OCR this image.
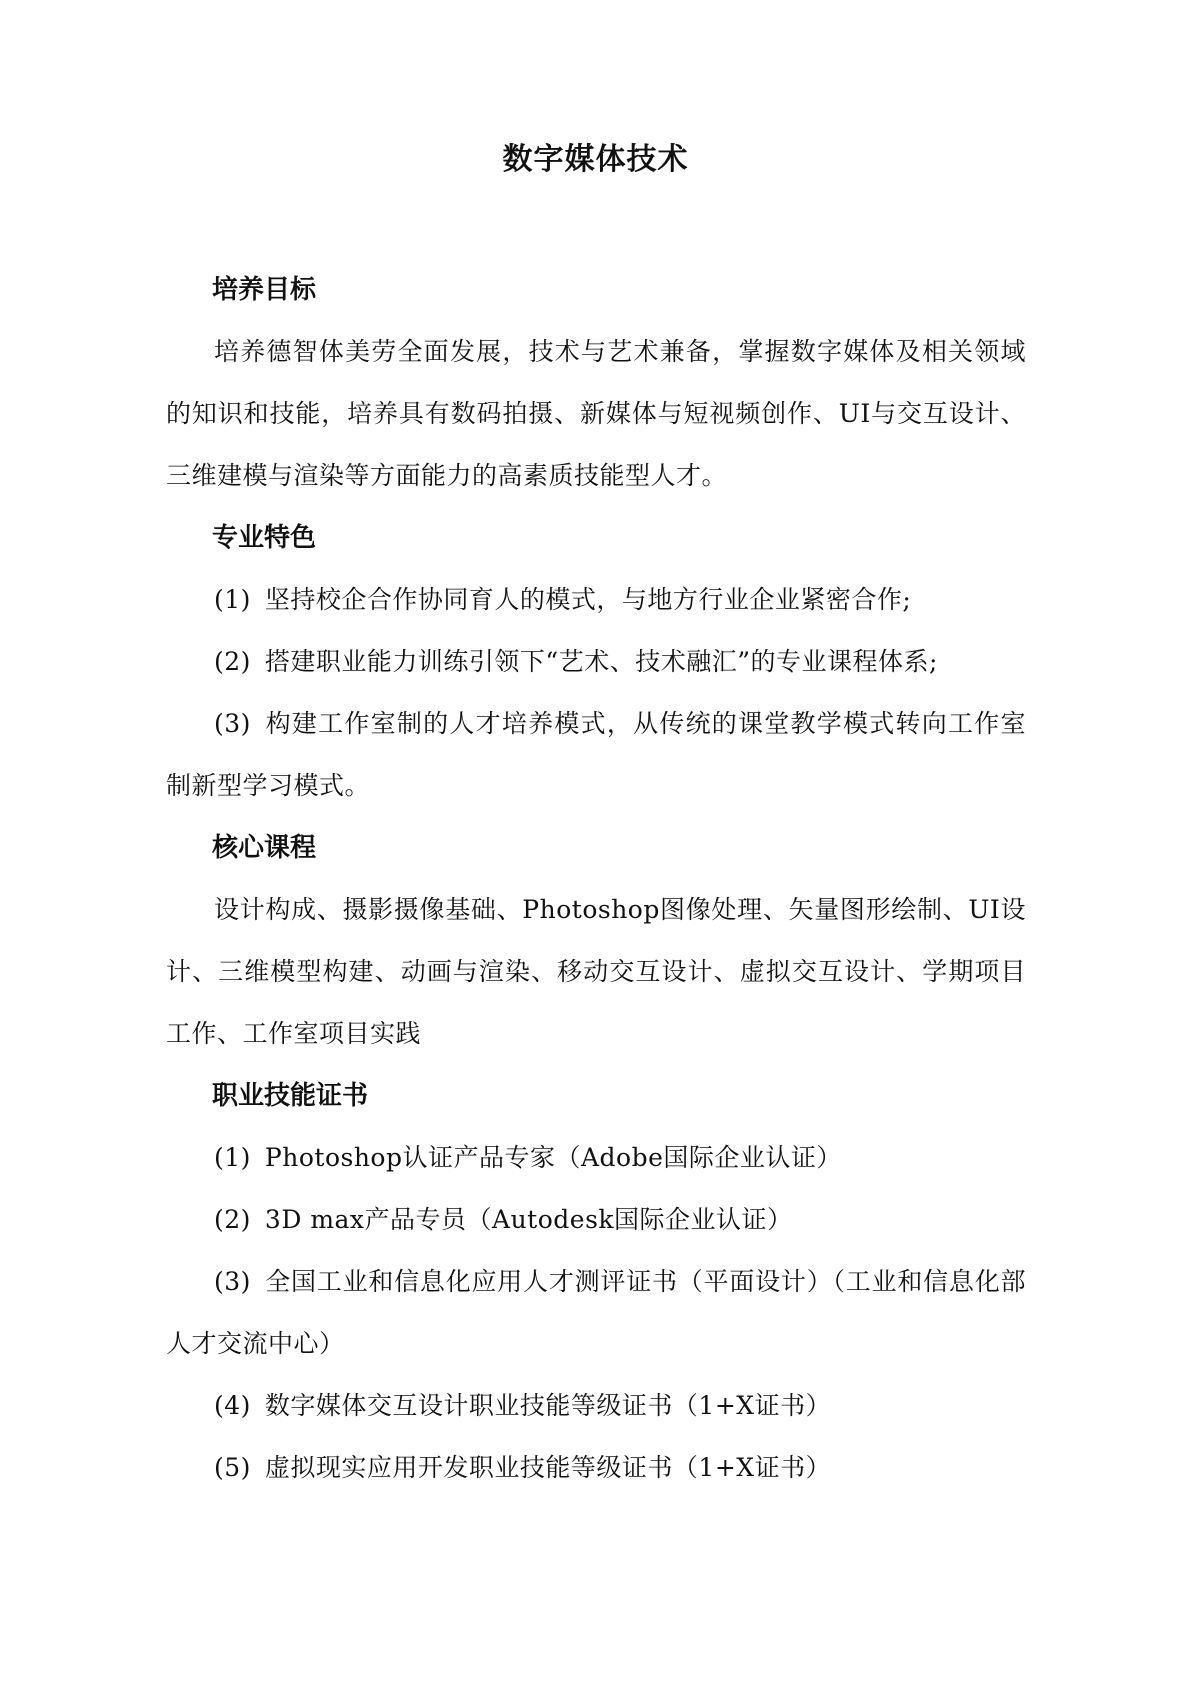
数字媒体技术
培养目标

培养德智体美劳全面发展，技术与艺术兼备，掌握数字媒体及相关领域的知识和技能，培养具有数码拍摄、新媒体与短视频创作、UI与交互设计、三维建模与渲染等方面能力的高素质技能型人才。

专业特色

(1) 坚持校企合作协同育人的模式，与地方行业企业紧密合作;

(2) 搭建职业能力训练引领下“艺术、技术融汇”的专业课程体系;

(3) 构建工作室制的人才培养模式，从传统的课堂教学模式转向工作室制新型学习模式。

核心课程

设计构成、摄影摄像基础、Photoshop图像处理、矢量图形绘制、UI设计、三维模型构建、动画与渲染、移动交互设计、虚拟交互设计、学期项目工作、工作室项目实践

职业技能证书

(1) Photoshop认证产品专家（Adobe国际企业认证）

(2) 3D max产品专员（Autodesk国际企业认证）

(3) 全国工业和信息化应用人才测评证书（平面设计）（工业和信息化部人才交流中心）

(4) 数字媒体交互设计职业技能等级证书（1+X证书）

(5) 虚拟现实应用开发职业技能等级证书（1+X证书）
